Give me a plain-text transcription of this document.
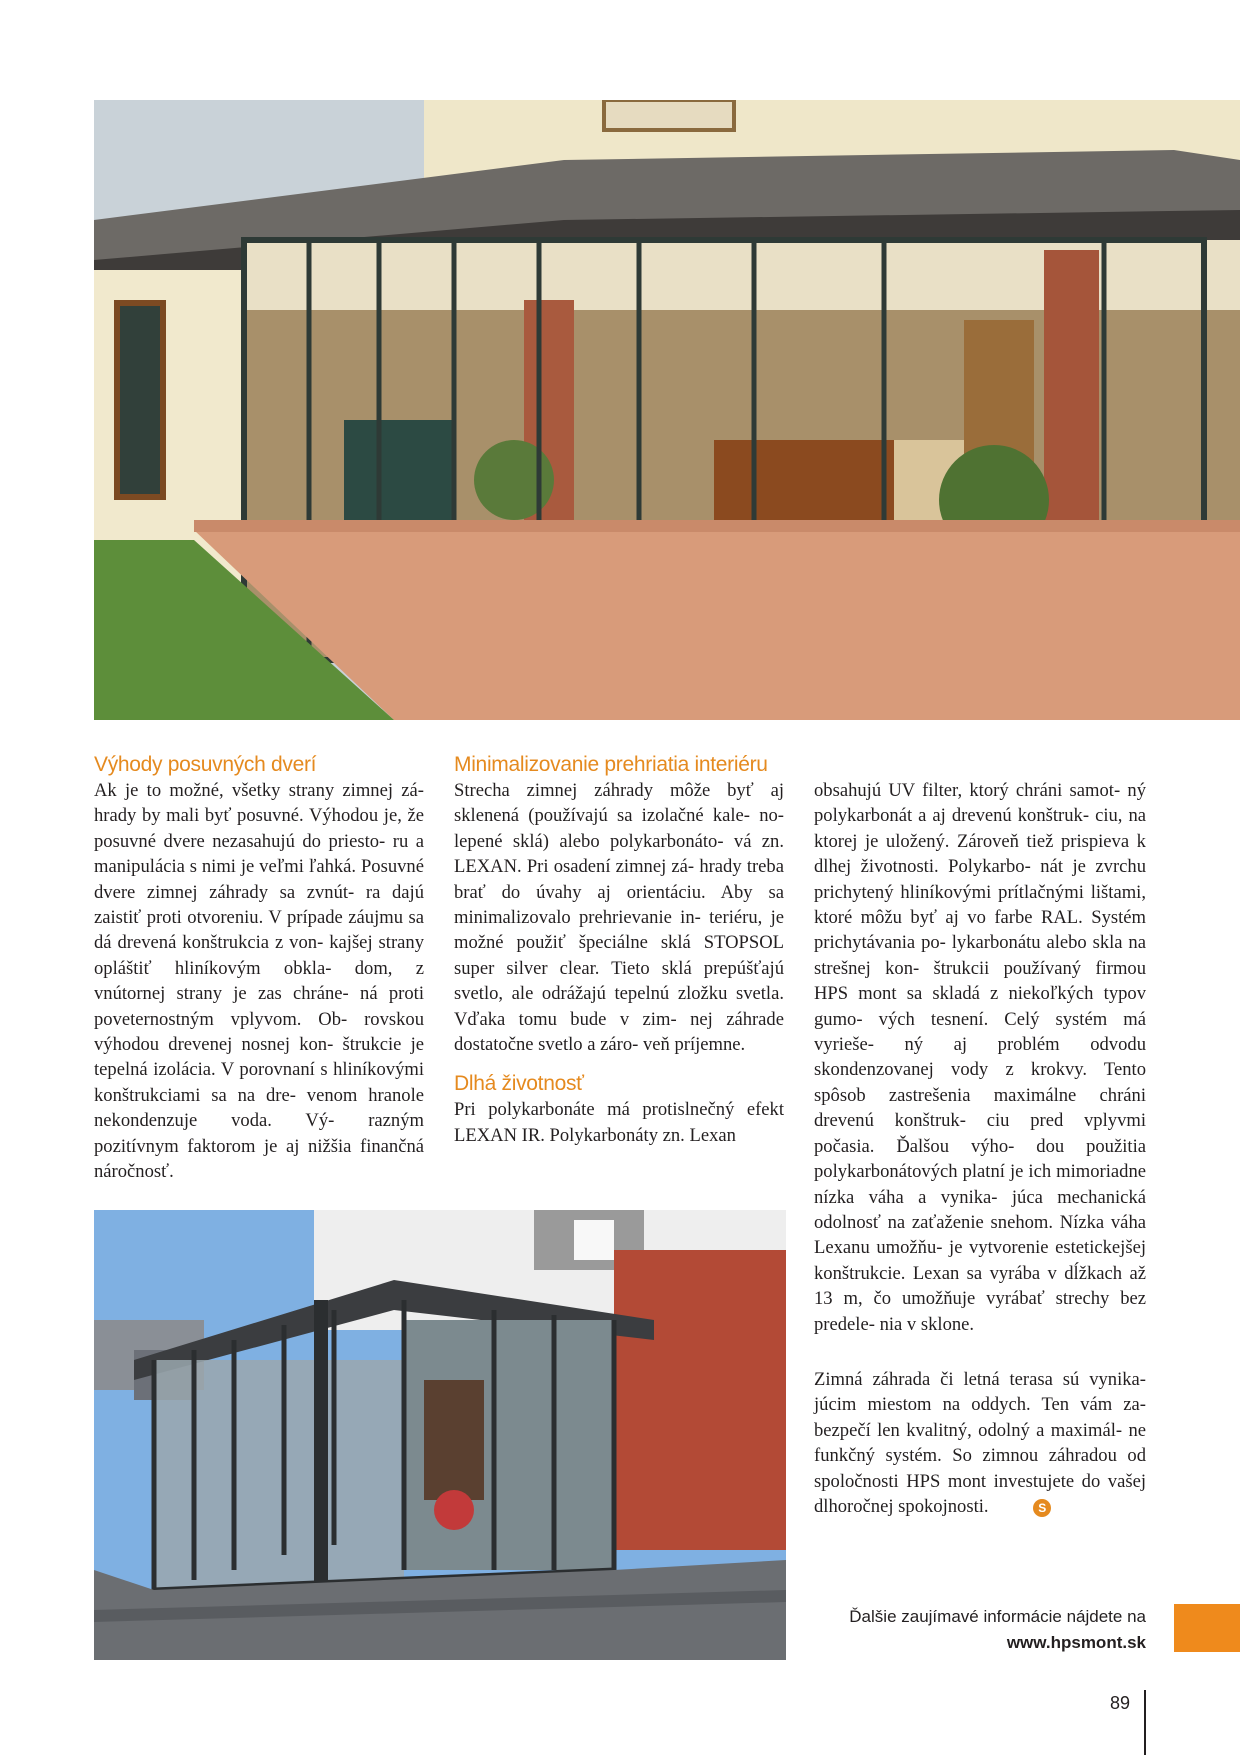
Výhody posuvných dverí

Ak je to možné, všetky strany zimnej zá- hrady by mali byť posuvné. Výhodou je, že posuvné dvere nezasahujú do priesto- ru a manipulácia s nimi je veľmi ľahká. Posuvné dvere zimnej záhrady sa zvnút- ra dajú zaistiť proti otvoreniu. V prípade záujmu sa dá drevená konštrukcia z von- kajšej strany opláštiť hliníkovým obkla- dom, z vnútornej strany je zas chráne- ná proti poveternostným vplyvom. Ob- rovskou výhodou drevenej nosnej kon- štrukcie je tepelná izolácia. V porovnaní s hliníkovými konštrukciami sa na dre- venom hranole nekondenzuje voda. Vý- razným pozitívnym faktorom je aj nižšia finančná náročnosť.

Minimalizovanie prehriatia interiéru

Strecha zimnej záhrady môže byť aj sklenená (používajú sa izolačné kale- no-lepené sklá) alebo polykarbonáto- vá zn. LEXAN. Pri osadení zimnej zá- hrady treba brať do úvahy aj orientáciu. Aby sa minimalizovalo prehrievanie in- teriéru, je možné použiť špeciálne sklá STOPSOL super silver clear. Tieto sklá prepúšťajú svetlo, ale odrážajú tepelnú zložku svetla. Vďaka tomu bude v zim- nej záhrade dostatočne svetlo a záro- veň príjemne.

Dlhá životnosť

Pri polykarbonáte má protislnečný efekt LEXAN IR. Polykarbonáty zn. Lexan

obsahujú UV filter, ktorý chráni samot- ný polykarbonát a aj drevenú konštruk- ciu, na ktorej je uložený. Zároveň tiež prispieva k dlhej životnosti. Polykarbo- nát je zvrchu prichytený hliníkovými prítlačnými lištami, ktoré môžu byť aj vo farbe RAL. Systém prichytávania po- lykarbonátu alebo skla na strešnej kon- štrukcii používaný firmou HPS mont sa skladá z niekoľkých typov gumo- vých tesnení. Celý systém má vyrieše- ný aj problém odvodu skondenzovanej vody z krokvy. Tento spôsob zastrešenia maximálne chráni drevenú konštruk- ciu pred vplyvmi počasia. Ďalšou výho- dou použitia polykarbonátových platní je ich mimoriadne nízka váha a vynika- júca mechanická odolnosť na zaťaženie snehom. Nízka váha Lexanu umožňu- je vytvorenie estetickejšej konštrukcie. Lexan sa vyrába v dĺžkach až 13 m, čo umožňuje vyrábať strechy bez predele- nia v sklone.

Zimná záhrada či letná terasa sú vynika- júcim miestom na oddych. Ten vám za- bezpečí len kvalitný, odolný a maximál- ne funkčný systém. So zimnou záhradou od spoločnosti HPS mont investujete do vašej dlhoročnej spokojnosti.	S

Ďalšie zaujímavé informácie nájdete na
www.hpsmont.sk
89
